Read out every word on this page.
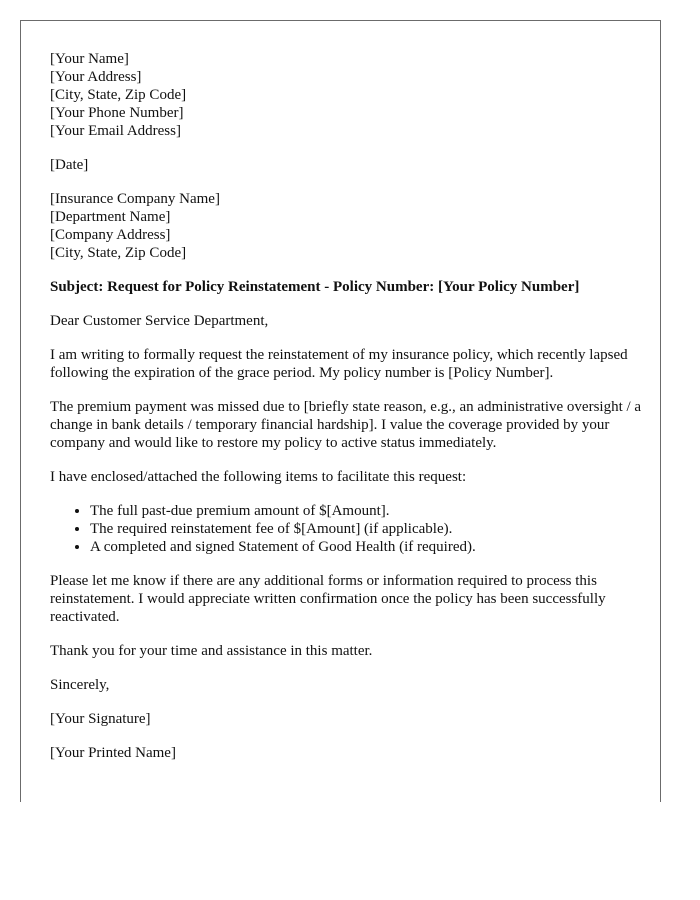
[Your Name]
[Your Address]
[City, State, Zip Code]
[Your Phone Number]
[Your Email Address]
[Date]
[Insurance Company Name]
[Department Name]
[Company Address]
[City, State, Zip Code]
Subject: Request for Policy Reinstatement - Policy Number: [Your Policy Number]

Dear Customer Service Department,

I am writing to formally request the reinstatement of my insurance policy, which recently lapsed following the expiration of the grace period. My policy number is [Policy Number].

The premium payment was missed due to [briefly state reason, e.g., an administrative oversight / a change in bank details / temporary financial hardship]. I value the coverage provided by your company and would like to restore my policy to active status immediately.

I have enclosed/attached the following items to facilitate this request:

• The full past-due premium amount of $[Amount].
• The required reinstatement fee of $[Amount] (if applicable).
• A completed and signed Statement of Good Health (if required).

Please let me know if there are any additional forms or information required to process this reinstatement. I would appreciate written confirmation once the policy has been successfully reactivated.

Thank you for your time and assistance in this matter.

Sincerely,

[Your Signature]

[Your Printed Name]
